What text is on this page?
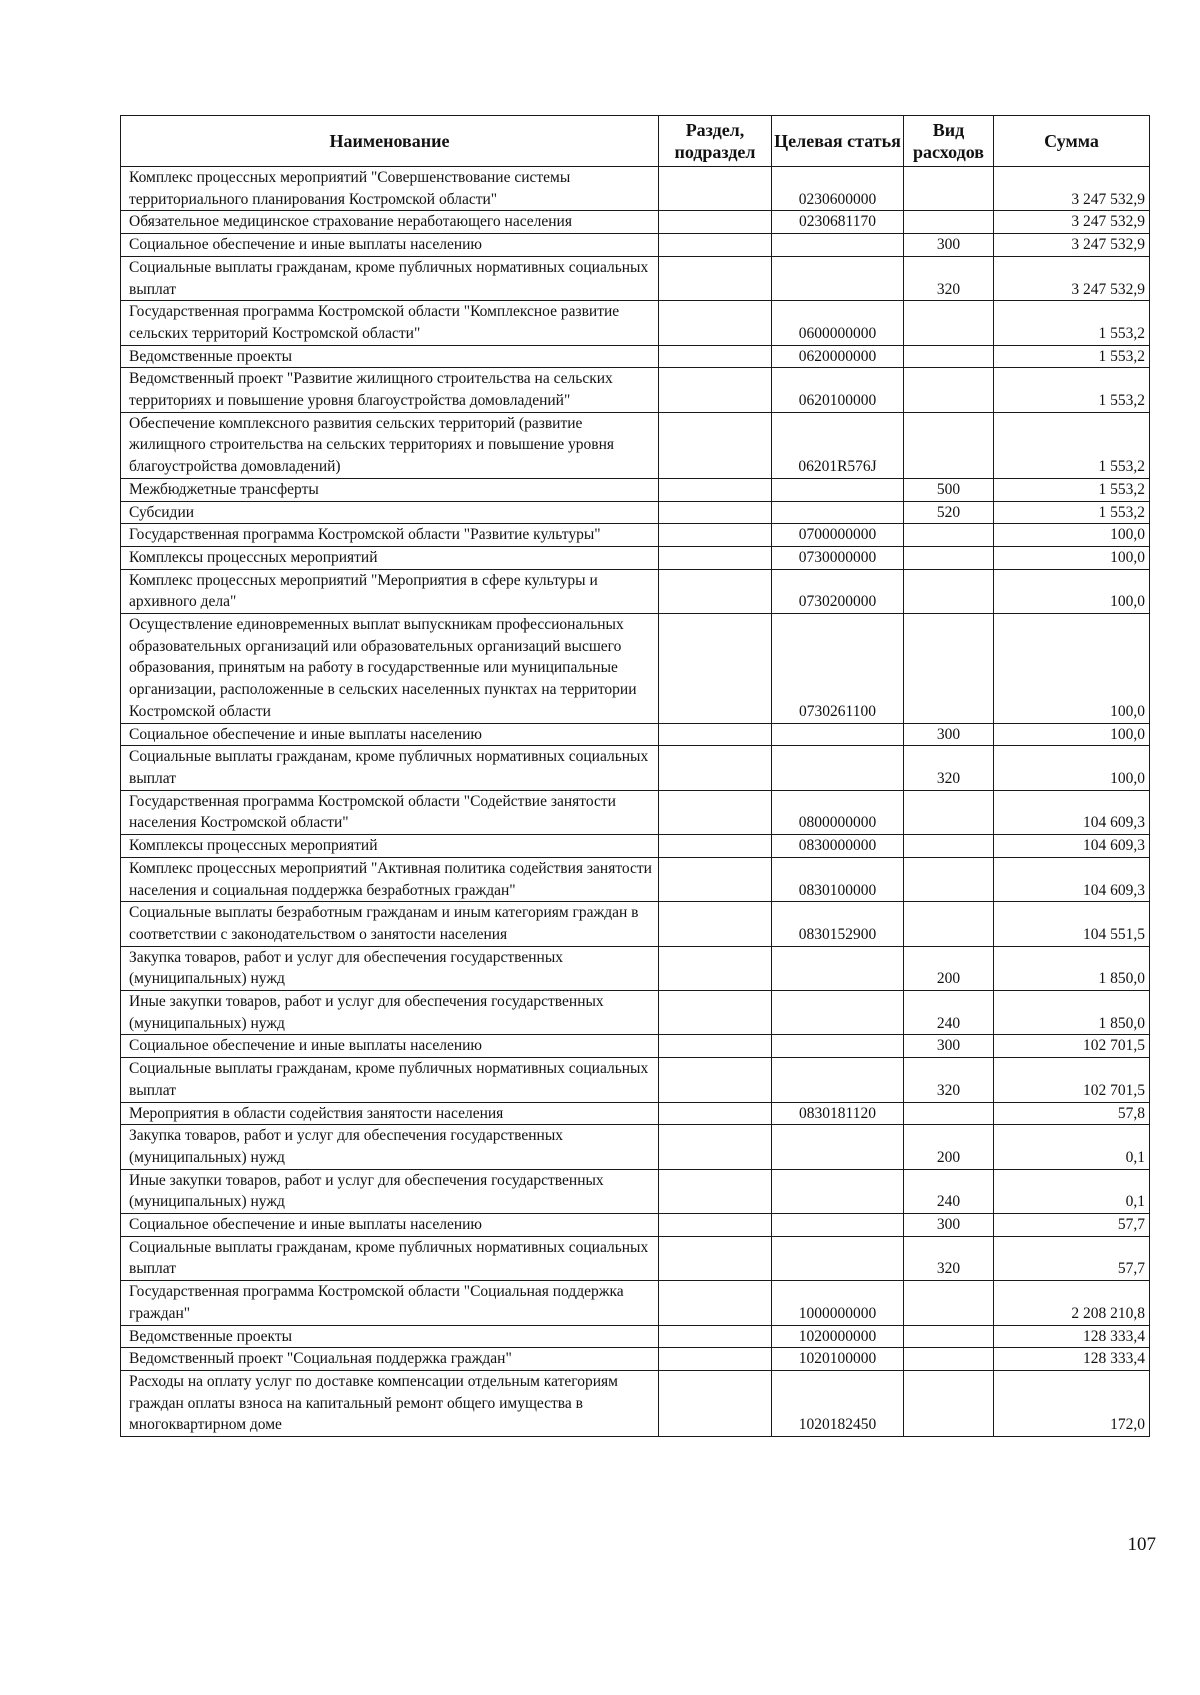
Наименование	Раздел, подраздел	Целевая статья	Вид расходов	Сумма
Комплекс процессных мероприятий "Совершенствование системы территориального планирования Костромской области"		0230600000		3 247 532,9
Обязательное медицинское страхование неработающего населения		0230681170		3 247 532,9
Социальное обеспечение и иные выплаты населению			300	3 247 532,9
Социальные выплаты гражданам, кроме публичных нормативных социальных выплат			320	3 247 532,9
Государственная программа Костромской области "Комплексное развитие сельских территорий Костромской области"		0600000000		1 553,2
Ведомственные проекты		0620000000		1 553,2
Ведомственный проект "Развитие жилищного строительства на сельских территориях и повышение уровня благоустройства домовладений"		0620100000		1 553,2
Обеспечение комплексного развития сельских территорий (развитие жилищного строительства на сельских территориях и повышение уровня благоустройства домовладений)		06201R576J		1 553,2
Межбюджетные трансферты			500	1 553,2
Субсидии			520	1 553,2
Государственная программа Костромской области "Развитие культуры"		0700000000		100,0
Комплексы процессных мероприятий		0730000000		100,0
Комплекс процессных мероприятий "Мероприятия в сфере культуры и архивного дела"		0730200000		100,0
Осуществление единовременных выплат выпускникам профессиональных образовательных организаций или образовательных организаций высшего образования, принятым на работу в государственные или муниципальные организации, расположенные в сельских населенных пунктах на территории Костромской области		0730261100		100,0
Социальное обеспечение и иные выплаты населению			300	100,0
Социальные выплаты гражданам, кроме публичных нормативных социальных выплат			320	100,0
Государственная программа Костромской области "Содействие занятости населения Костромской области"		0800000000		104 609,3
Комплексы процессных мероприятий		0830000000		104 609,3
Комплекс процессных мероприятий "Активная политика содействия занятости населения и социальная поддержка безработных граждан"		0830100000		104 609,3
Социальные выплаты безработным гражданам и иным категориям граждан в соответствии с законодательством о занятости населения		0830152900		104 551,5
Закупка товаров, работ и услуг для обеспечения государственных (муниципальных) нужд			200	1 850,0
Иные закупки товаров, работ и услуг для обеспечения государственных (муниципальных) нужд			240	1 850,0
Социальное обеспечение и иные выплаты населению			300	102 701,5
Социальные выплаты гражданам, кроме публичных нормативных социальных выплат			320	102 701,5
Мероприятия в области содействия занятости населения		0830181120		57,8
Закупка товаров, работ и услуг для обеспечения государственных (муниципальных) нужд			200	0,1
Иные закупки товаров, работ и услуг для обеспечения государственных (муниципальных) нужд			240	0,1
Социальное обеспечение и иные выплаты населению			300	57,7
Социальные выплаты гражданам, кроме публичных нормативных социальных выплат			320	57,7
Государственная программа Костромской области "Социальная поддержка граждан"		1000000000		2 208 210,8
Ведомственные проекты		1020000000		128 333,4
Ведомственный проект "Социальная поддержка граждан"		1020100000		128 333,4
Расходы на оплату услуг по доставке компенсации отдельным категориям граждан оплаты взноса на капитальный ремонт общего имущества в многоквартирном доме		1020182450		172,0
107
